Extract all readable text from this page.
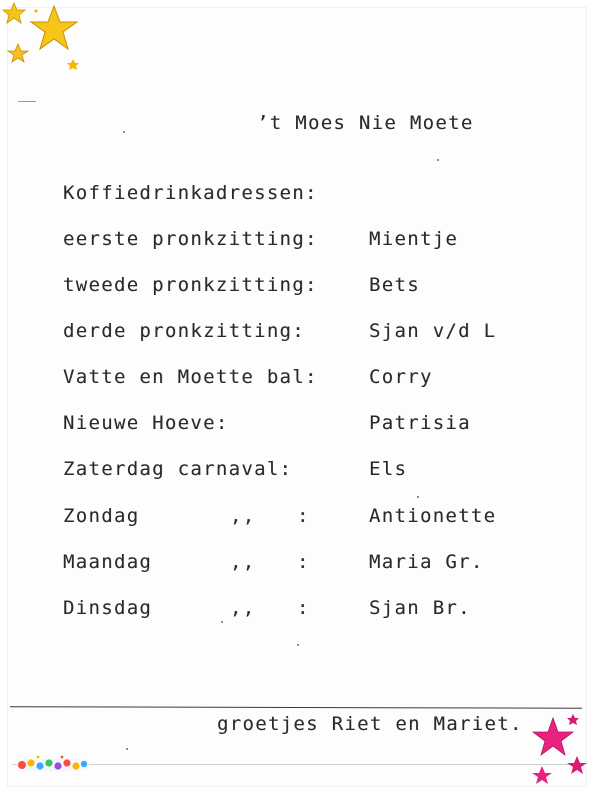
’t Moes Nie Moete
Koffiedrinkadressen:
eerste pronkzitting:	Mientje
tweede pronkzitting:	Bets
derde pronkzitting:	Sjan v/d L
Vatte en Moette bal:	Corry
Nieuwe Hoeve:	Patrisia
Zaterdag carnaval:	Els
Zondag	,, :	Antionette
Maandag	,, :	Maria Gr.
Dinsdag	,, :	Sjan Br.
groetjes Riet en Mariet.
